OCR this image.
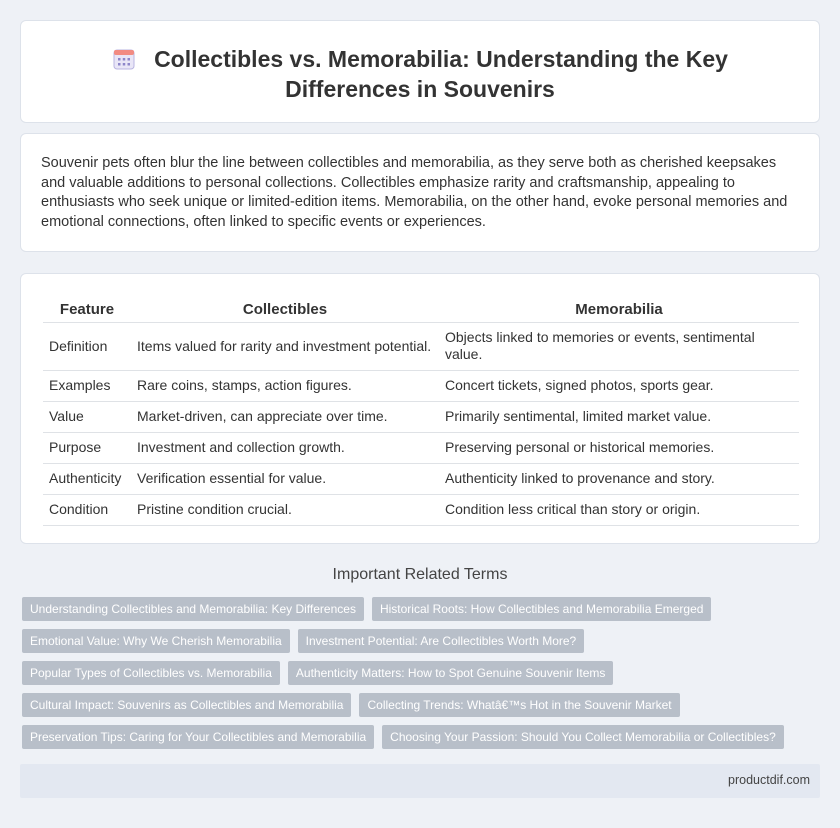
Collectibles vs. Memorabilia: Understanding the Key Differences in Souvenirs

Souvenir pets often blur the line between collectibles and memorabilia, as they serve both as cherished keepsakes and valuable additions to personal collections. Collectibles emphasize rarity and craftsmanship, appealing to enthusiasts who seek unique or limited-edition items. Memorabilia, on the other hand, evoke personal memories and emotional connections, often linked to specific events or experiences.

Feature	Collectibles	Memorabilia
Definition	Items valued for rarity and investment potential.	Objects linked to memories or events, sentimental value.
Examples	Rare coins, stamps, action figures.	Concert tickets, signed photos, sports gear.
Value	Market-driven, can appreciate over time.	Primarily sentimental, limited market value.
Purpose	Investment and collection growth.	Preserving personal or historical memories.
Authenticity	Verification essential for value.	Authenticity linked to provenance and story.
Condition	Pristine condition crucial.	Condition less critical than story or origin.
Important Related Terms
Understanding Collectibles and Memorabilia: Key Differences	Historical Roots: How Collectibles and Memorabilia Emerged
Emotional Value: Why We Cherish Memorabilia	Investment Potential: Are Collectibles Worth More?
Popular Types of Collectibles vs. Memorabilia	Authenticity Matters: How to Spot Genuine Souvenir Items
Cultural Impact: Souvenirs as Collectibles and Memorabilia	Collecting Trends: Whatâ€™s Hot in the Souvenir Market
Preservation Tips: Caring for Your Collectibles and Memorabilia	Choosing Your Passion: Should You Collect Memorabilia or Collectibles?
productdif.com
